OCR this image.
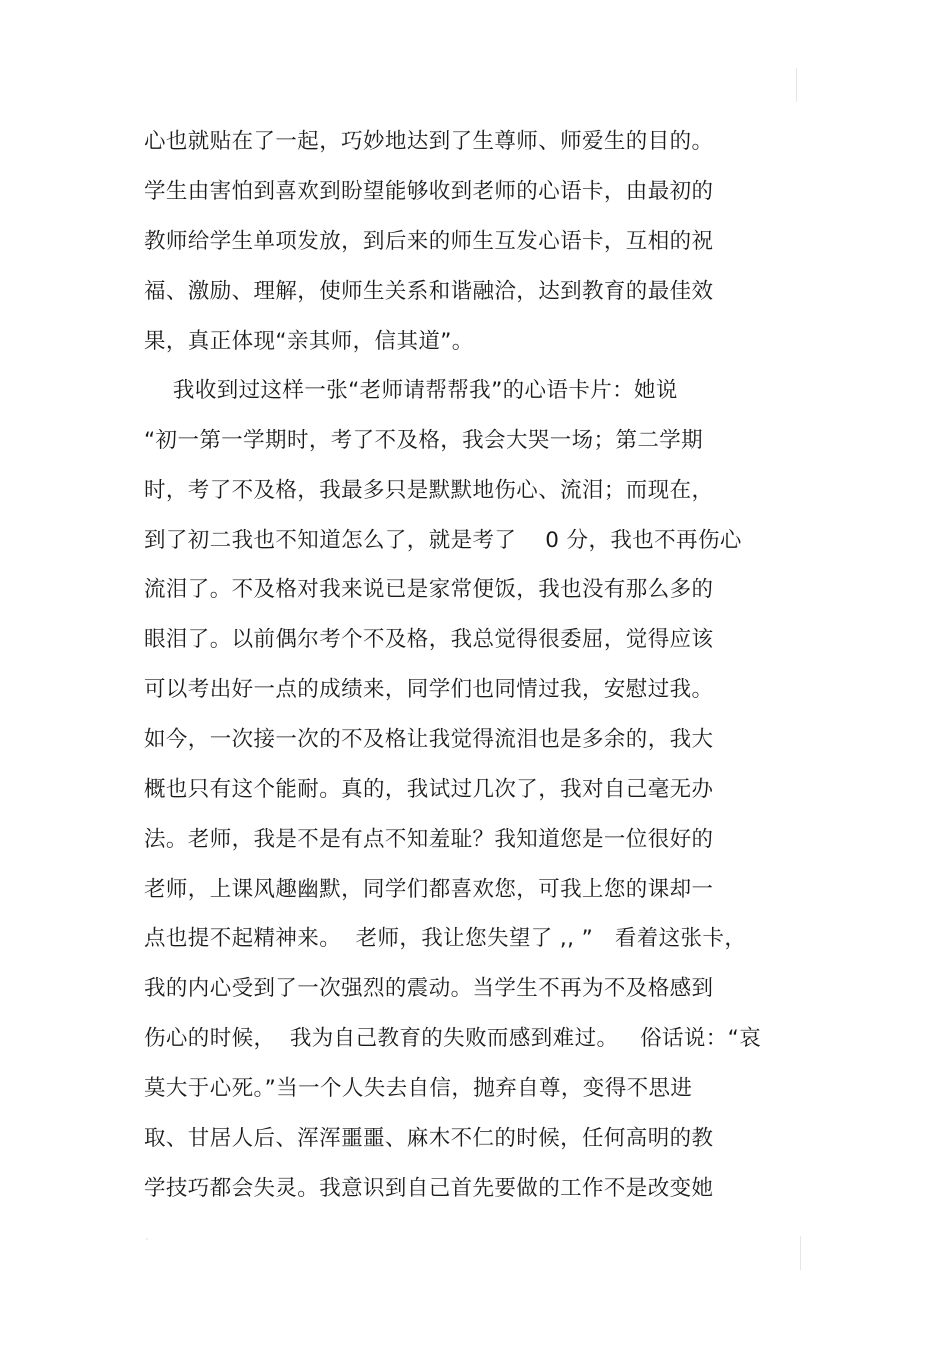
心也就贴在了一起，巧妙地达到了生尊师、师爱生的目的。
学生由害怕到喜欢到盼望能够收到老师的心语卡，由最初的
教师给学生单项发放，到后来的师生互发心语卡，互相的祝
福、激励、理解，使师生关系和谐融洽，达到教育的最佳效
果，真正体现“亲其师，信其道”。
我收到过这样一张“老师请帮帮我”的心语卡片：她说
“初一第一学期时，考了不及格，我会大哭一场；第二学期
时，考了不及格，我最多只是默默地伤心、流泪；而现在，
到了初二我也不知道怎么了，就是考了    0 分，我也不再伤心
流泪了。不及格对我来说已是家常便饭，我也没有那么多的
眼泪了。以前偶尔考个不及格，我总觉得很委屈，觉得应该
可以考出好一点的成绩来，同学们也同情过我，安慰过我。
如今，一次接一次的不及格让我觉得流泪也是多余的，我大
概也只有这个能耐。真的，我试过几次了，我对自己毫无办
法。老师，我是不是有点不知羞耻？我知道您是一位很好的
老师，上课风趣幽默，同学们都喜欢您，可我上您的课却一
点也提不起精神来。  老师，我让您失望了 ,, ”   看着这张卡，
我的内心受到了一次强烈的震动。当学生不再为不及格感到
伤心的时候，  我为自己教育的失败而感到难过。   俗话说：“哀
莫大于心死。”当一个人失去自信，抛弃自尊，变得不思进
取、甘居人后、浑浑噩噩、麻木不仁的时候，任何高明的教
学技巧都会失灵。我意识到自己首先要做的工作不是改变她
